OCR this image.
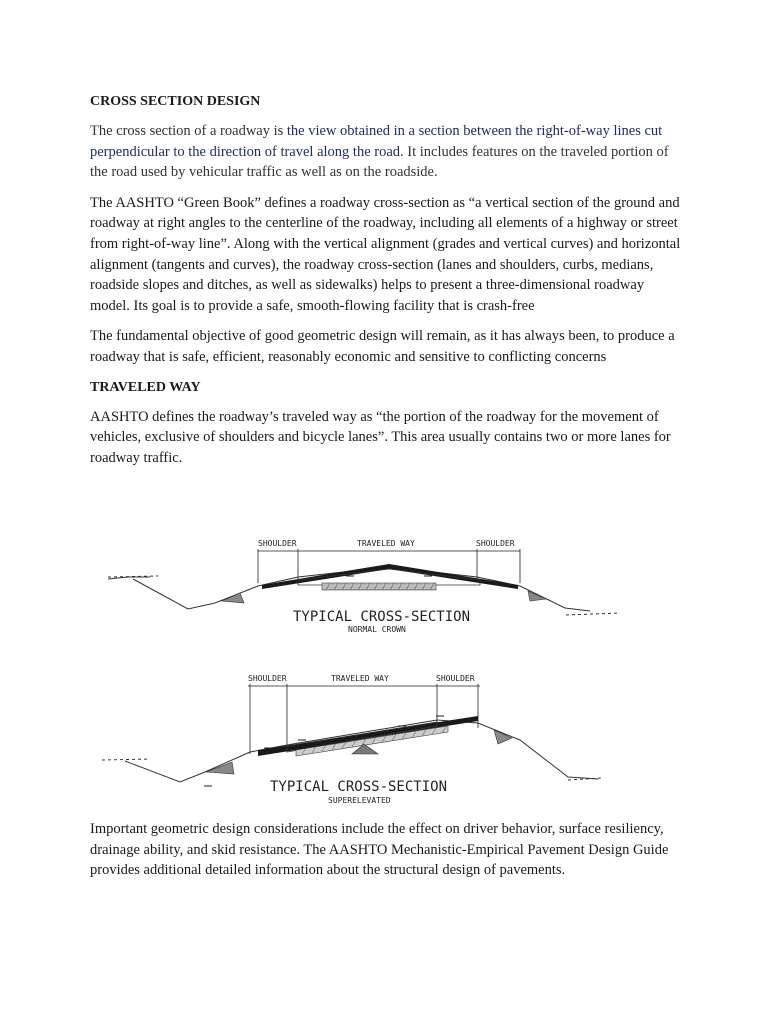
CROSS SECTION DESIGN

The cross section of a roadway is the view obtained in a section between the right-of-way lines cut perpendicular to the direction of travel along the road. It includes features on the traveled portion of the road used by vehicular traffic as well as on the roadside.

The AASHTO “Green Book” defines a roadway cross-section as “a vertical section of the ground and roadway at right angles to the centerline of the roadway, including all elements of a highway or street from right-of-way line”. Along with the vertical alignment (grades and vertical curves) and horizontal alignment (tangents and curves), the roadway cross-section (lanes and shoulders, curbs, medians, roadside slopes and ditches, as well as sidewalks) helps to present a three-dimensional roadway model. Its goal is to provide a safe, smooth-flowing facility that is crash-free

The fundamental objective of good geometric design will remain, as it has always been, to produce a roadway that is safe, efficient, reasonably economic and sensitive to conflicting concerns

TRAVELED WAY

AASHTO defines the roadway’s traveled way as “the portion of the roadway for the movement of vehicles, exclusive of shoulders and bicycle lanes”. This area usually contains two or more lanes for roadway traffic.

SHOULDER	TRAVELED WAY	SHOULDER
TYPICAL CROSS-SECTION
NORMAL CROWN
SHOULDER	TRAVELED WAY	SHOULDER
TYPICAL CROSS-SECTION
SUPERELEVATED

Important geometric design considerations include the effect on driver behavior, surface resiliency, drainage ability, and skid resistance. The AASHTO Mechanistic-Empirical Pavement Design Guide provides additional detailed information about the structural design of pavements.
